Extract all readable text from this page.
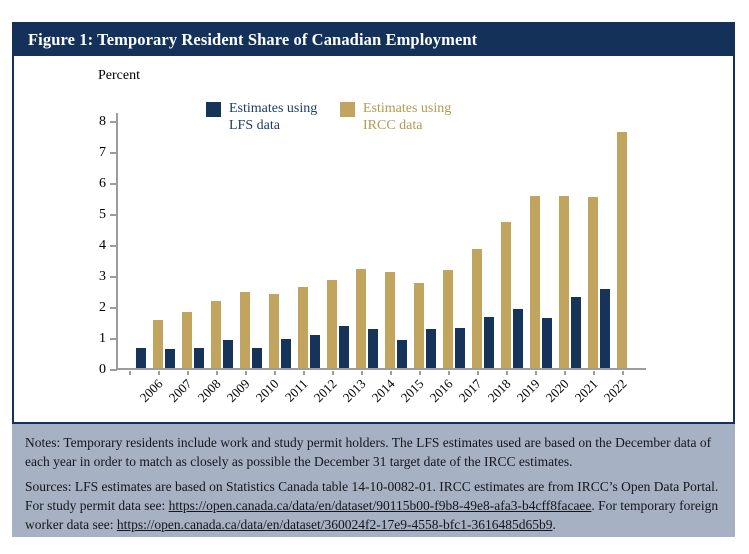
Figure 1: Temporary Resident Share of Canadian Employment
Percent
Estimates using
LFS data
Estimates using
IRCC data
0
1
2
3
4
5
6
7
8
2006 2007 2008 2009 2010 2011 2012 2013 2014 2015 2016 2017 2018 2019 2020 2021 2022

Notes: Temporary residents include work and study permit holders. The LFS estimates used are based on the December data of each year in order to match as closely as possible the December 31 target date of the IRCC estimates.

Sources: LFS estimates are based on Statistics Canada table 14-10-0082-01. IRCC estimates are from IRCC’s Open Data Portal. For study permit data see: https://open.canada.ca/data/en/dataset/90115b00-f9b8-49e8-afa3-b4cff8facaee. For temporary foreign worker data see: https://open.canada.ca/data/en/dataset/360024f2-17e9-4558-bfc1-3616485d65b9.
